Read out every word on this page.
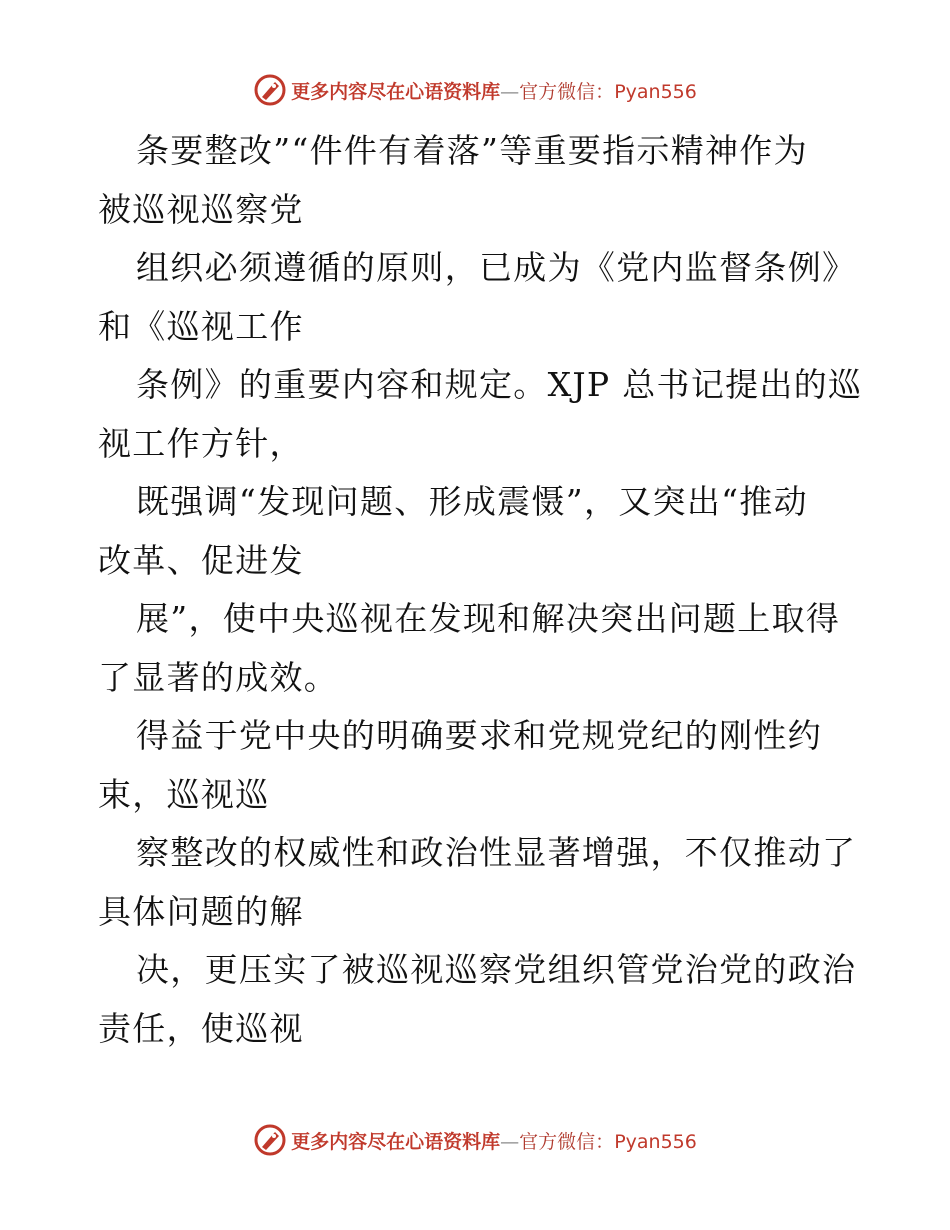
更多内容尽在心语资料库—官方微信：Pyan556
条要整改”“件件有着落”等重要指示精神作为
被巡视巡察党
组织必须遵循的原则，已成为《党内监督条例》
和《巡视工作
条例》的重要内容和规定。XJP 总书记提出的巡
视工作方针，
既强调“发现问题、形成震慑”，又突出“推动
改革、促进发
展”，使中央巡视在发现和解决突出问题上取得
了显著的成效。
得益于党中央的明确要求和党规党纪的刚性约
束，巡视巡
察整改的权威性和政治性显著增强，不仅推动了
具体问题的解
决，更压实了被巡视巡察党组织管党治党的政治
责任，使巡视
更多内容尽在心语资料库—官方微信：Pyan556
